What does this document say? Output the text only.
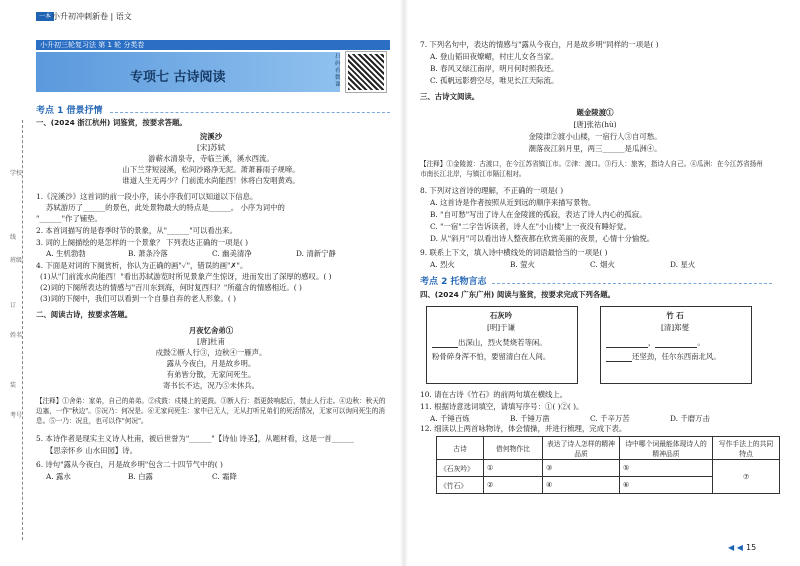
一本 小升初冲刺新卷 | 语文
学校
班级
姓名
考号
线
订
装
小升初三轮复习法 第 1 轮 分类卷
专项七 古诗阅读
扫码看微课
考点 1 借景抒情
一、(2024 浙江杭州) 词鉴赏，按要求答题。
浣溪沙
[宋]苏轼
游蕲水清泉寺，寺临兰溪，溪水西流。
山下兰芽短浸溪，松间沙路净无泥。萧萧暮雨子规啼。
谁道人生无再少？门前流水尚能西！休将白发唱黄鸡。
1.《浣溪沙》这首词的前一段小序，读小序我们可以知道以下信息。
苏轼游历了______的景色，此处景物最大的特点是______。 小序为词中的
"______"作了铺垫。
2. 本首词描写的是春季时节的景象，从"______"可以看出来。
3. 词的上阕描绘的是怎样的一个景象？ 下列表达正确的一项是( )
A. 生机勃勃	B. 萧条冷落	C. 幽美清净	D. 清新宁静
4. 下面是对词的下阕赏析，你认为正确的画"✓"，错误的画"✗"。
(1)从"门前流水尚能西！"看出苏轼游览时所见景象产生惊讶，进而发出了深厚的感叹。( )
(2)词的下阕所表达的情感与"百川东到海，何时复西归？"所蕴含的情感相近。( )
(3)词的下阕中，我们可以看到一个自暴自弃的老人形象。( )
二、阅读古诗，按要求答题。
月夜忆舍弟①
[唐]杜甫
戍鼓②断人行③，边秋④一雁声。
露从今夜白，月是故乡明。
有弟皆分散，无家问死生。
寄书长不达，况乃⑤未休兵。
【注释】①舍弟：家弟，自己的弟弟。②戍鼓：戍楼上的更鼓。③断人行：指更鼓响起后，禁止人行走。④边秋：秋天的
边塞，一作"秋边"。⑤况乃：何况是。⑥无家问死生：家中已无人，无从打听兄弟们的死活情况，无家可以询问死生的消
息。⑤一乃：况且，也可以作"何况"。
5. 本诗作者是现实主义诗人杜甫，被后世誉为"______"【诗仙 诗圣】，从题材看，这是一首______
【思亲怀乡 山水田园】诗。
6. 诗句"露从今夜白，月是故乡明"包含二十四节气中的( )
A. 露水	B. 白露	C. 霜降
7. 下列名句中，表达的情感与"露从今夜白，月是故乡明"同样的一项是( )
A. 登山韬田夜燎嵋，村庄儿女各当家。
B. 春风又绿江南岸，明月何时照我还。
C. 孤帆远影碧空尽，唯见长江天际流。
三、古诗文阅读。
题金陵渡①
[唐]张祜(hù)
金陵津②渡小山楼，一宿行人③自可愁。
潮落夜江斜月里，两三______是瓜洲④。
【注释】①金陵渡：古渡口，在今江苏省镇江市。②津：渡口。③行人：旅客，指诗人自己。④瓜洲：在今江苏省扬州
市南长江北岸，与镇江市隔江相对。
8. 下列对这首诗的理解，不正确的一项是( )
A. 这首诗是作者按照从近到远的顺序来描写景物。
B. "自可愁"写出了诗人在金陵渡的孤寂，表达了诗人内心的孤寂。
C. "一宿"二字告诉读者，诗人在"小山楼"上一夜没有睡好觉。
D. 从"斜月"可以看出诗人整夜都在欣赏美丽的夜景，心情十分愉悦。
9. 联系上下文，填入诗中横线处的词语最恰当的一项是( )
A. 烈火	B. 萤火	C. 烟火	D. 星火
考点 2 托物言志
四、(2024 广东广州) 阅读与鉴赏，按要求完成下列各题。
石灰吟
[明]于谦
出深山，烈火焚烧若等闲。
粉骨碎身浑不怕，要留清白在人间。
竹 石
[清]郑燮
，	。
还坚劲，任尔东西南北风。
10. 请在古诗《竹石》的前两句填在横线上。
11. 根据诗意选词填空，请填写序号：①( )②( )。
A. 千锤百炼	B. 千锤万凿	C. 千辛万苦	D. 千磨万击
12. 细读以上两首咏物诗，体会情操，并进行梳理，完成下表。
古诗	借何物作比	表达了诗人怎样的精神品质	诗中哪个词最能体现诗人的精神品质	写作手法上的共同特点
《石灰吟》	①	③	⑤	⑦
《竹石》	②	④	⑥	
◀ ◀ 15
